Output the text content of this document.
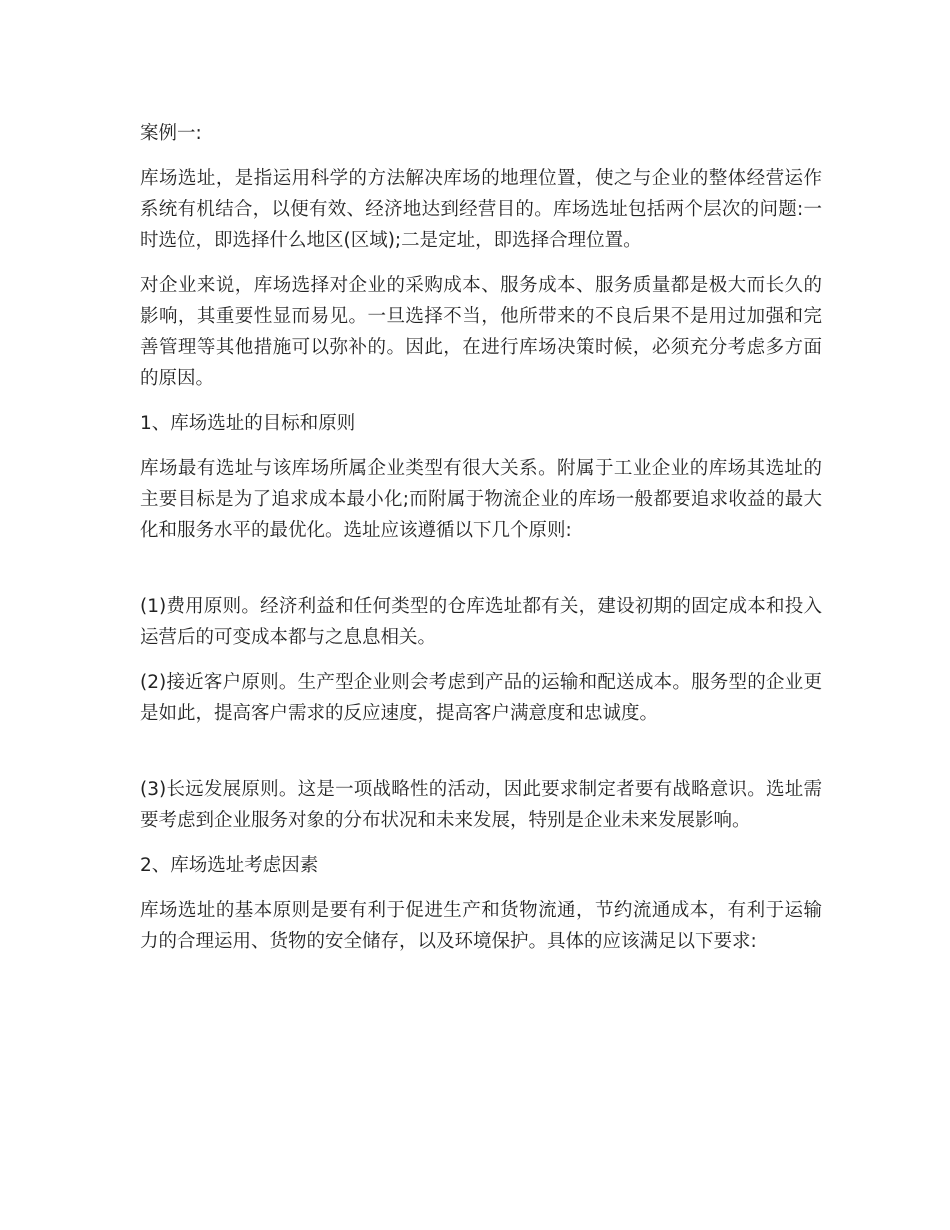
案例一:

库场选址，是指运用科学的方法解决库场的地理位置，使之与企业的整体经营运作系统有机结合，以便有效、经济地达到经营目的。库场选址包括两个层次的问题:一时选位，即选择什么地区(区域);二是定址，即选择合理位置。

对企业来说，库场选择对企业的采购成本、服务成本、服务质量都是极大而长久的影响，其重要性显而易见。一旦选择不当，他所带来的不良后果不是用过加强和完善管理等其他措施可以弥补的。因此，在进行库场决策时候，必须充分考虑多方面的原因。

1、库场选址的目标和原则

库场最有选址与该库场所属企业类型有很大关系。附属于工业企业的库场其选址的主要目标是为了追求成本最小化;而附属于物流企业的库场一般都要追求收益的最大化和服务水平的最优化。选址应该遵循以下几个原则:

(1)费用原则。经济利益和任何类型的仓库选址都有关，建设初期的固定成本和投入运营后的可变成本都与之息息相关。

(2)接近客户原则。生产型企业则会考虑到产品的运输和配送成本。服务型的企业更是如此，提高客户需求的反应速度，提高客户满意度和忠诚度。

(3)长远发展原则。这是一项战略性的活动，因此要求制定者要有战略意识。选址需要考虑到企业服务对象的分布状况和未来发展，特别是企业未来发展影响。

2、库场选址考虑因素

库场选址的基本原则是要有利于促进生产和货物流通，节约流通成本，有利于运输力的合理运用、货物的安全储存，以及环境保护。具体的应该满足以下要求:
